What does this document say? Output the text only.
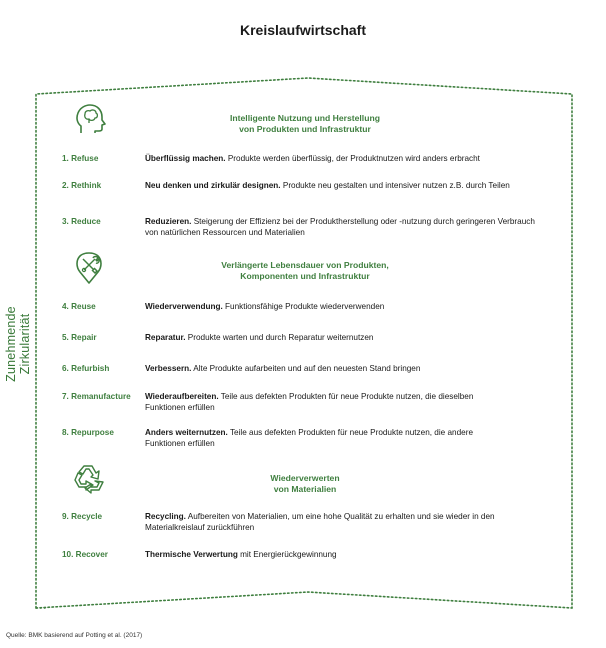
Kreislaufwirtschaft
Zunehmende Zirkularität
Intelligente Nutzung und Herstellung
von Produkten und Infrastruktur
1. Refuse	Überflüssig machen. Produkte werden überflüssig, der Produktnutzen wird anders erbracht
2. Rethink	Neu denken und zirkulär designen. Produkte neu gestalten und intensiver nutzen z.B. durch Teilen
3. Reduce	Reduzieren. Steigerung der Effizienz bei der Produktherstellung oder -nutzung durch geringeren Verbrauch von natürlichen Ressourcen und Materialien
Verlängerte Lebensdauer von Produkten,
Komponenten und Infrastruktur
4. Reuse	Wiederverwendung. Funktionsfähige Produkte wiederverwenden
5. Repair	Reparatur. Produkte warten und durch Reparatur weiternutzen
6. Refurbish	Verbessern. Alte Produkte aufarbeiten und auf den neuesten Stand bringen
7. Remanufacture Wiederaufbereiten. Teile aus defekten Produkten für neue Produkte nutzen, die dieselben Funktionen erfüllen
8. Repurpose	Anders weiternutzen. Teile aus defekten Produkten für neue Produkte nutzen, die andere Funktionen erfüllen
Wiederverwerten
von Materialien
9. Recycle	Recycling. Aufbereiten von Materialien, um eine hohe Qualität zu erhalten und sie wieder in den Materialkreislauf zurückführen
10. Recover	Thermische Verwertung mit Energierückgewinnung
Quelle: BMK basierend auf Potting et al. (2017)
